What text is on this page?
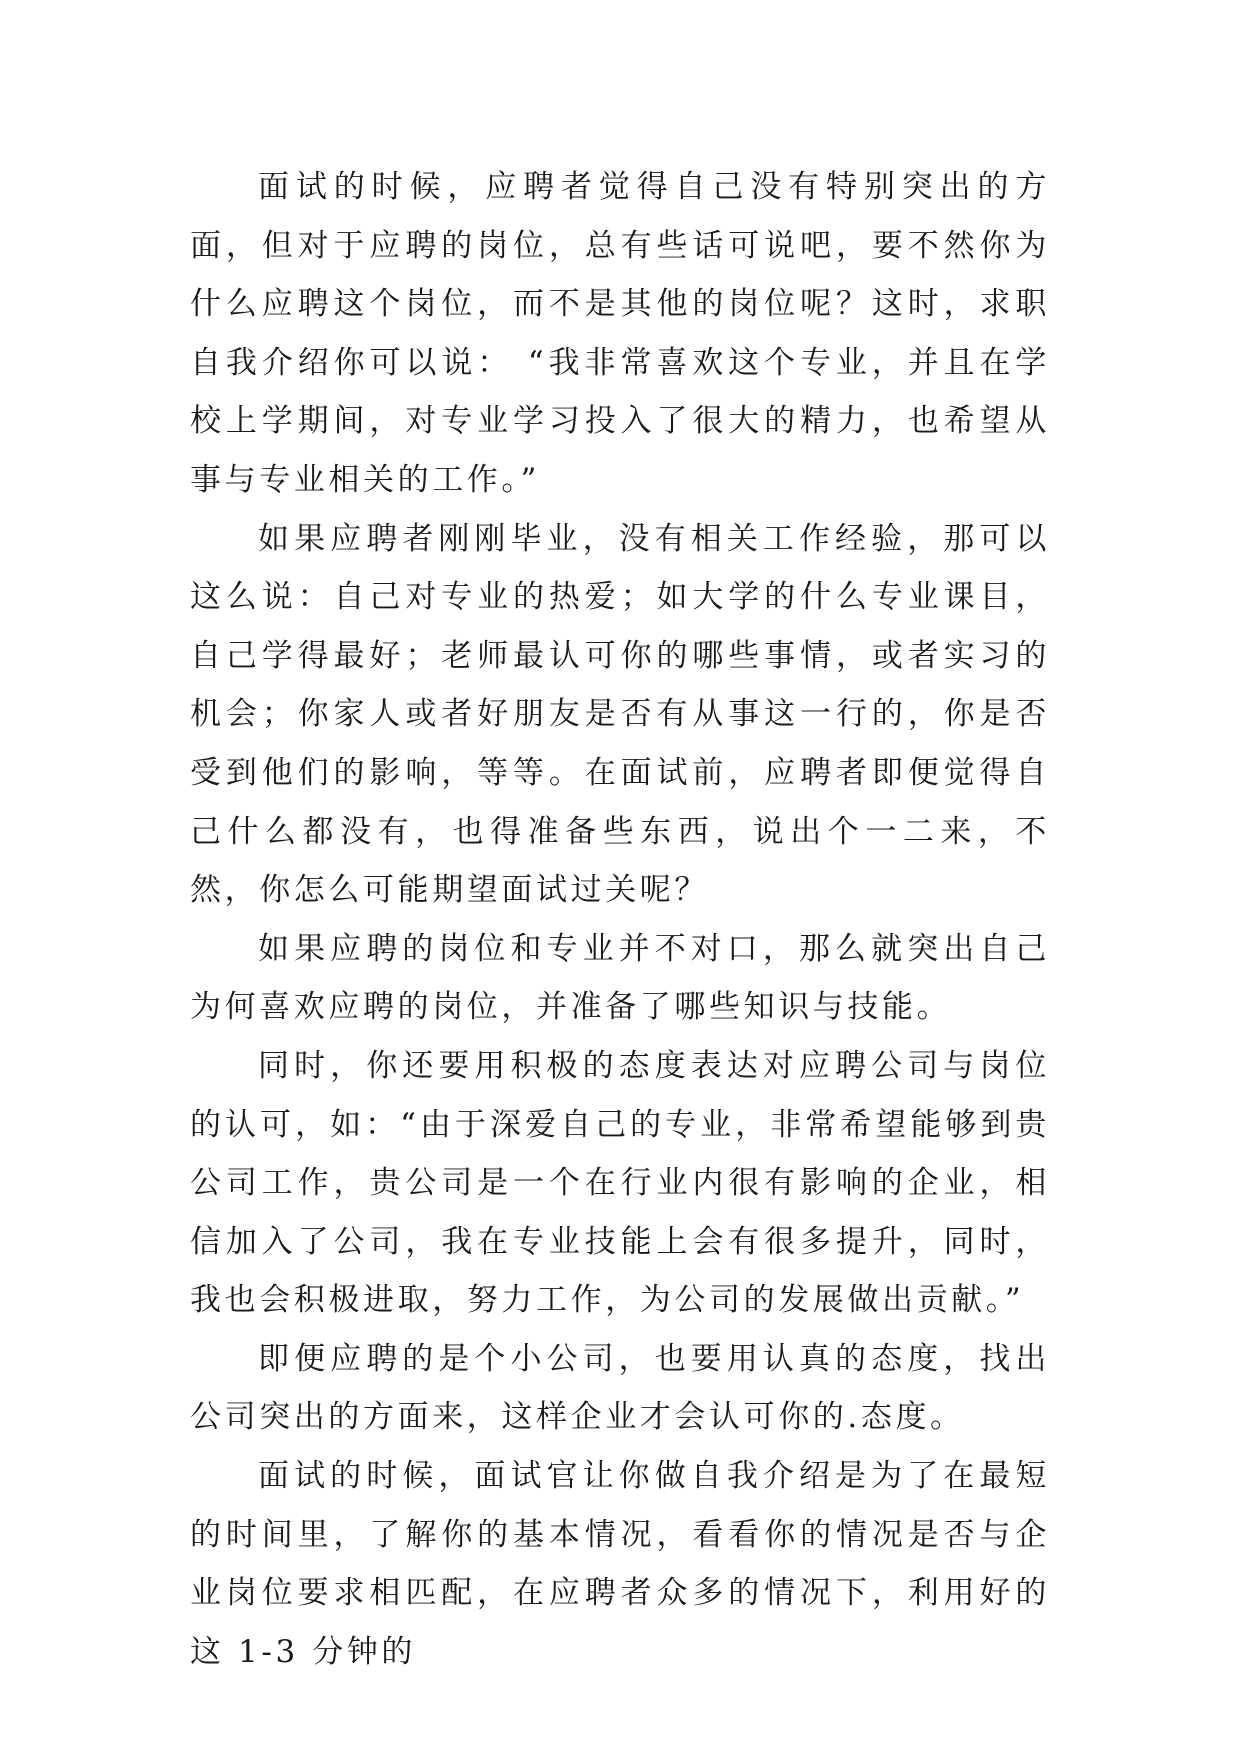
面试的时候，应聘者觉得自己没有特别突出的方面，但对于应聘的岗位，总有些话可说吧，要不然你为什么应聘这个岗位，而不是其他的岗位呢？这时，求职自我介绍你可以说： “我非常喜欢这个专业，并且在学校上学期间，对专业学习投入了很大的精力，也希望从事与专业相关的工作。”

如果应聘者刚刚毕业，没有相关工作经验，那可以这么说：自己对专业的热爱；如大学的什么专业课目，自己学得最好；老师最认可你的哪些事情，或者实习的机会；你家人或者好朋友是否有从事这一行的，你是否受到他们的影响，等等。在面试前，应聘者即便觉得自己什么都没有，也得准备些东西，说出个一二来，不然，你怎么可能期望面试过关呢？

如果应聘的岗位和专业并不对口，那么就突出自己为何喜欢应聘的岗位，并准备了哪些知识与技能。

同时，你还要用积极的态度表达对应聘公司与岗位的认可，如：“由于深爱自己的专业，非常希望能够到贵公司工作，贵公司是一个在行业内很有影响的企业，相信加入了公司，我在专业技能上会有很多提升，同时，我也会积极进取，努力工作，为公司的发展做出贡献。”

即便应聘的是个小公司，也要用认真的态度，找出公司突出的方面来，这样企业才会认可你的.态度。

面试的时候，面试官让你做自我介绍是为了在最短的时间里，了解你的基本情况，看看你的情况是否与企业岗位要求相匹配，在应聘者众多的情况下，利用好的这 1-3 分钟的
